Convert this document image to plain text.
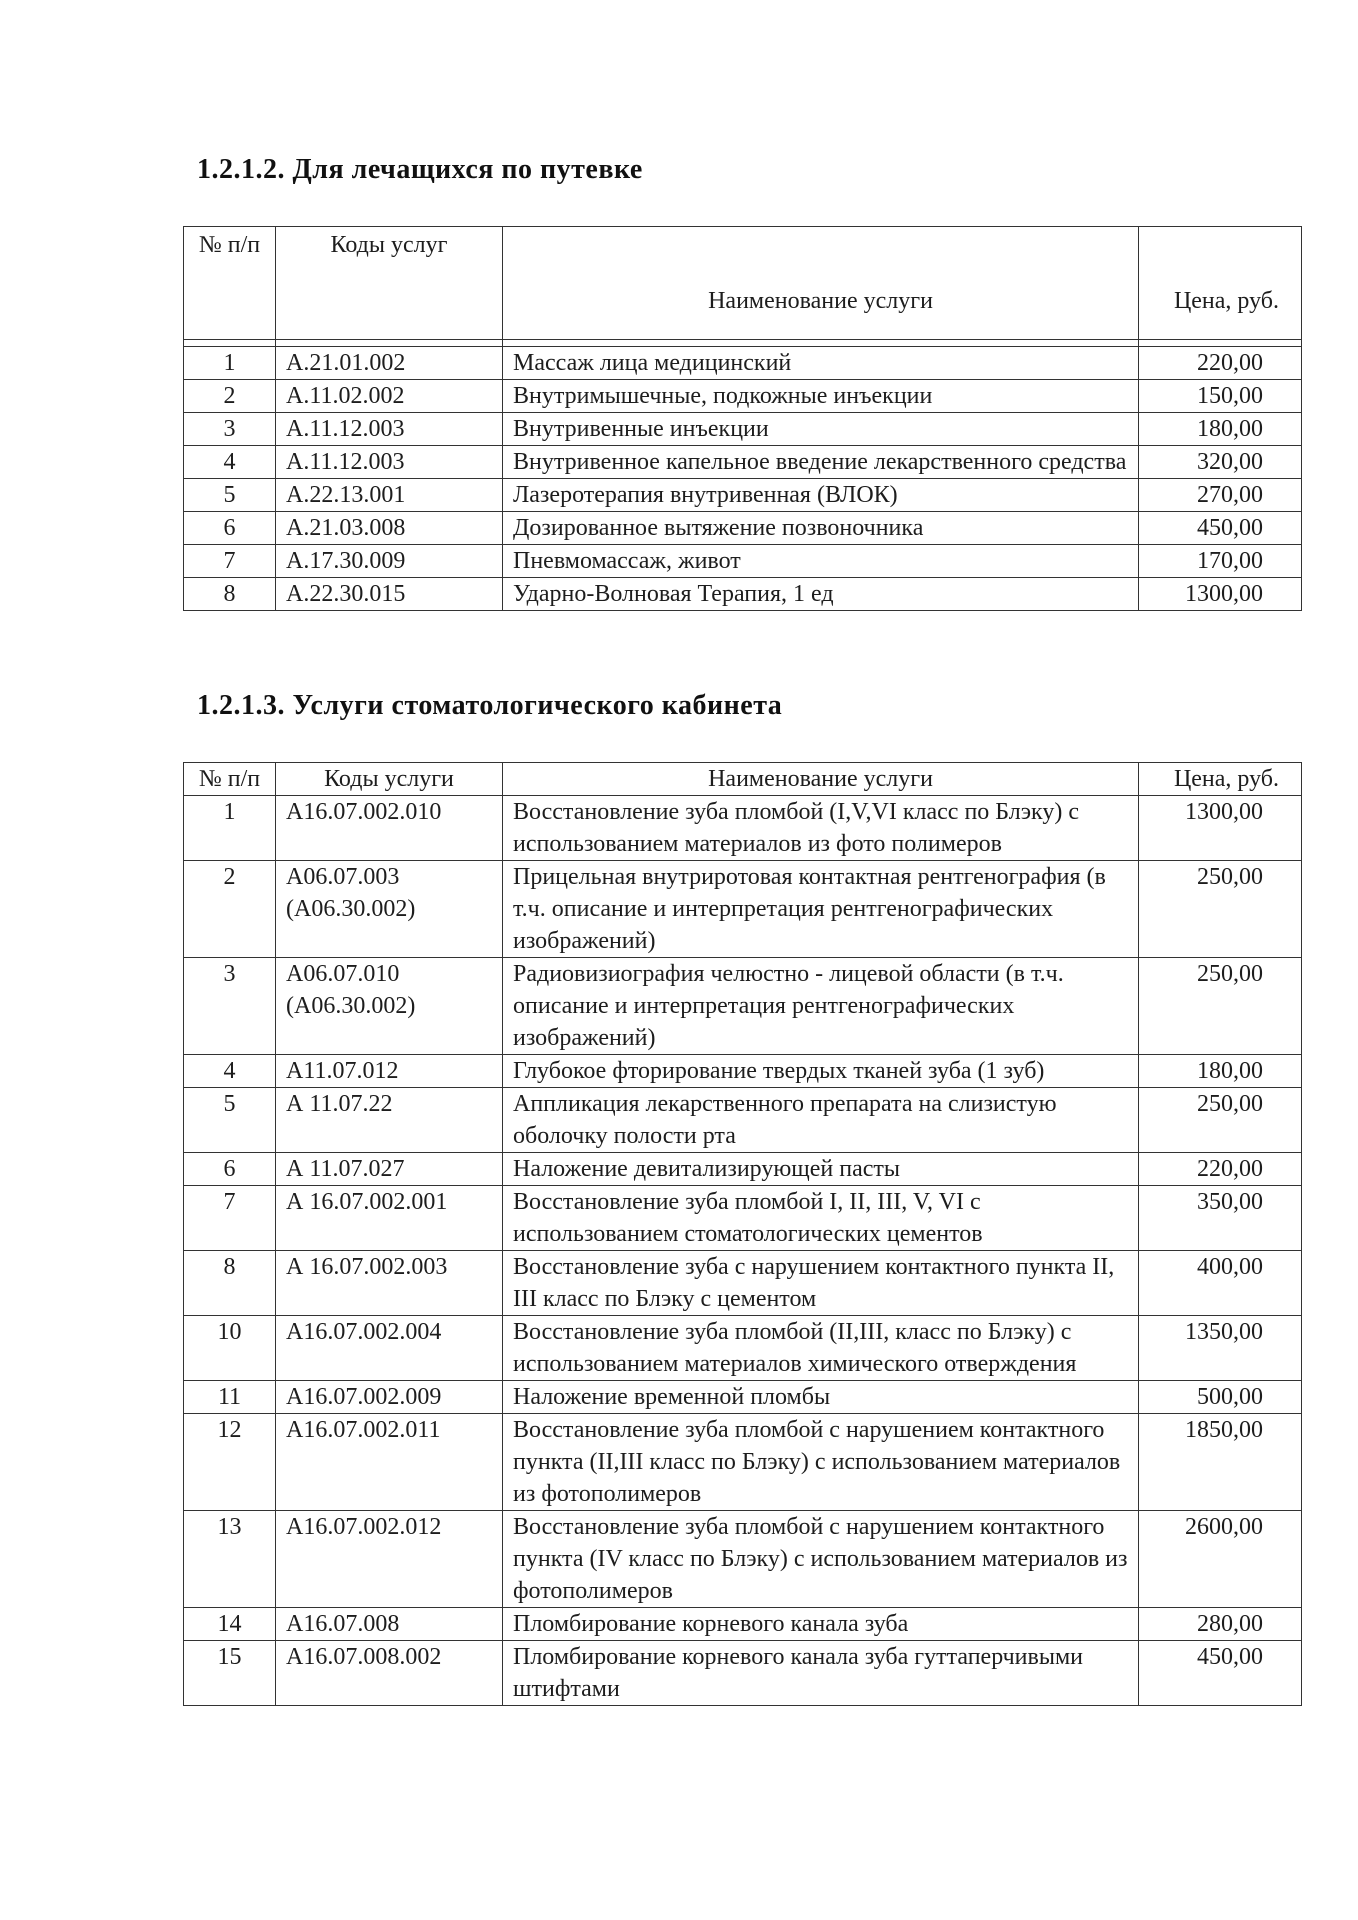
1.2.1.2. Для лечащихся по путевке
№ п/п	Коды услуг	Наименование услуги	Цена, руб.

1	А.21.01.002	Массаж лица медицинский	220,00
2	А.11.02.002	Внутримышечные, подкожные инъекции	150,00
3	А.11.12.003	Внутривенные инъекции	180,00
4	А.11.12.003	Внутривенное капельное введение лекарственного средства	320,00
5	А.22.13.001	Лазеротерапия внутривенная (ВЛОК)	270,00
6	А.21.03.008	Дозированное вытяжение позвоночника	450,00
7	А.17.30.009	Пневмомассаж, живот	170,00
8	А.22.30.015	Ударно-Волновая Терапия, 1 ед	1300,00
1.2.1.3. Услуги стоматологического кабинета
№ п/п	Коды услуги	Наименование услуги	Цена, руб.
1	А16.07.002.010	Восстановление зуба пломбой (I,V,VI класс по Блэку) с использованием материалов из фото полимеров	1300,00
2	А06.07.003
(А06.30.002)	Прицельная внутриротовая контактная рентгенография (в т.ч. описание и интерпретация рентгенографических изображений)	250,00
3	А06.07.010
(А06.30.002)	Радиовизиография челюстно - лицевой области (в т.ч. описание и интерпретация рентгенографических изображений)	250,00
4	А11.07.012	Глубокое фторирование твердых тканей зуба (1 зуб)	180,00
5	А 11.07.22	Аппликация лекарственного препарата на слизистую оболочку полости рта	250,00
6	А 11.07.027	Наложение девитализирующей пасты	220,00
7	А 16.07.002.001	Восстановление зуба пломбой I, II, III, V, VI с использованием стоматологических цементов	350,00
8	А 16.07.002.003	Восстановление зуба с нарушением контактного пункта II, III класс по Блэку с цементом	400,00
10	А16.07.002.004	Восстановление зуба пломбой (II,III, класс по Блэку) с использованием материалов химического отверждения	1350,00
11	А16.07.002.009	Наложение временной пломбы	500,00
12	А16.07.002.011	Восстановление зуба пломбой с нарушением контактного пункта (II,III класс по Блэку) с использованием материалов из фотополимеров	1850,00
13	А16.07.002.012	Восстановление зуба пломбой с нарушением контактного пункта (IV класс по Блэку) с использованием материалов из фотополимеров	2600,00
14	А16.07.008	Пломбирование корневого канала зуба	280,00
15	А16.07.008.002	Пломбирование корневого канала зуба гуттаперчивыми штифтами	450,00
